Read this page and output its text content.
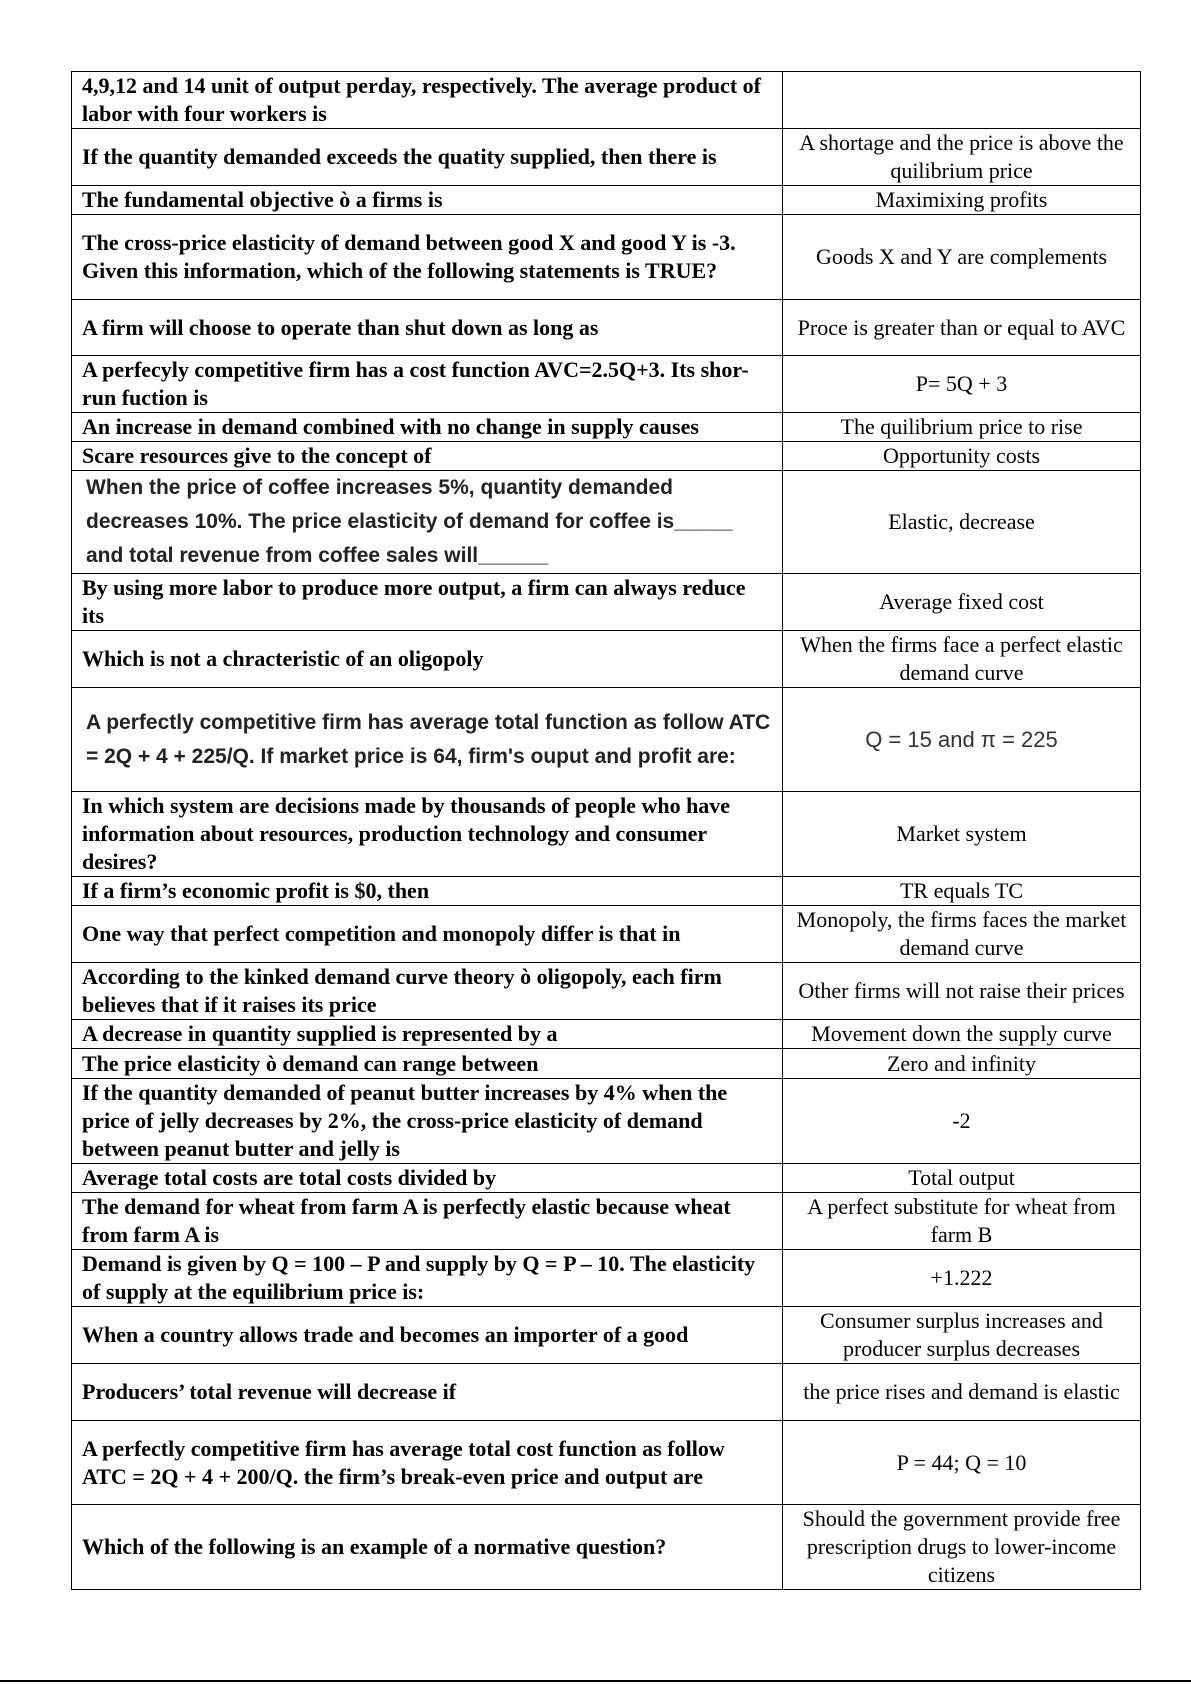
4,9,12 and 14 unit of output perday, respectively. The average product of labor with four workers is	
If the quantity demanded exceeds the quatity supplied, then there is	A shortage and the price is above the quilibrium price
The fundamental objective ò a firms is	Maximixing profits
The cross-price elasticity of demand between good X and good Y is -3. Given this information, which of the following statements is TRUE?	Goods X and Y are complements
A firm will choose to operate than shut down as long as	Proce is greater than or equal to AVC
A perfecyly competitive firm has a cost function AVC=2.5Q+3. Its shor-run fuction is	P= 5Q + 3
An increase in demand combined with no change in supply causes	The quilibrium price to rise
Scare resources give to the concept of	Opportunity costs
When the price of coffee increases 5%, quantity demanded decreases 10%. The price elasticity of demand for coffee is_____ and total revenue from coffee sales will______	Elastic, decrease
By using more labor to produce more output, a firm can always reduce its	Average fixed cost
Which is not a chracteristic of an oligopoly	When the firms face a perfect elastic demand curve
A perfectly competitive firm has average total function as follow ATC = 2Q + 4 + 225/Q. If market price is 64, firm's ouput and profit are:	Q = 15 and π = 225
In which system are decisions made by thousands of people who have information about resources, production technology and consumer desires?	Market system
If a firm’s economic profit is $0, then	TR equals TC
One way that perfect competition and monopoly differ is that in	Monopoly, the firms faces the market demand curve
According to the kinked demand curve theory ò oligopoly, each firm believes that if it raises its price	Other firms will not raise their prices
A decrease in quantity supplied is represented by a	Movement down the supply curve
The price elasticity ò demand can range between	Zero and infinity
If the quantity demanded of peanut butter increases by 4% when the price of jelly decreases by 2%, the cross-price elasticity of demand between peanut butter and jelly is	-2
Average total costs are total costs divided by	Total output
The demand for wheat from farm A is perfectly elastic because wheat from farm A is	A perfect substitute for wheat from farm B
Demand is given by Q = 100 – P and supply by Q = P – 10. The elasticity of supply at the equilibrium price is:	+1.222
When a country allows trade and becomes an importer of a good	Consumer surplus increases and producer surplus decreases
Producers’ total revenue will decrease if	the price rises and demand is elastic
A perfectly competitive firm has average total cost function as follow ATC = 2Q + 4 + 200/Q. the firm’s break-even price and output are	P = 44; Q = 10
Which of the following is an example of a normative question?	Should the government provide free prescription drugs to lower-income citizens
